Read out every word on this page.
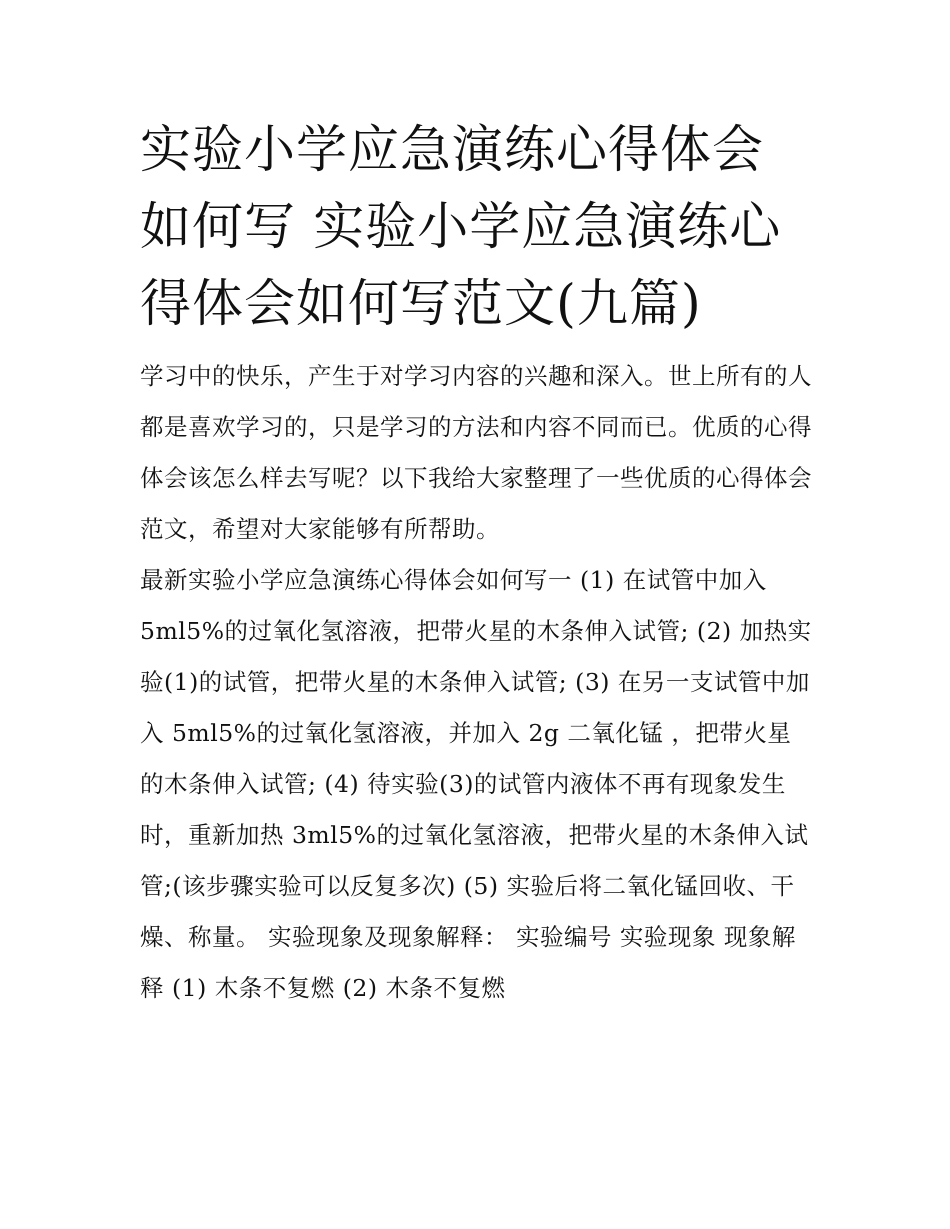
实验小学应急演练心得体会如何写 实验小学应急演练心得体会如何写范文(九篇)

学习中的快乐，产生于对学习内容的兴趣和深入。世上所有的人都是喜欢学习的，只是学习的方法和内容不同而已。优质的心得体会该怎么样去写呢？以下我给大家整理了一些优质的心得体会范文，希望对大家能够有所帮助。

最新实验小学应急演练心得体会如何写一 (1) 在试管中加入 5ml5%的过氧化氢溶液，把带火星的木条伸入试管; (2) 加热实验(1)的试管，把带火星的木条伸入试管; (3) 在另一支试管中加入 5ml5%的过氧化氢溶液，并加入 2g 二氧化锰 ，把带火星的木条伸入试管; (4) 待实验(3)的试管内液体不再有现象发生时，重新加热 3ml5%的过氧化氢溶液，把带火星的木条伸入试管;(该步骤实验可以反复多次) (5) 实验后将二氧化锰回收、干燥、称量。 实验现象及现象解释： 实验编号 实验现象 现象解释 (1) 木条不复燃 (2) 木条不复燃
